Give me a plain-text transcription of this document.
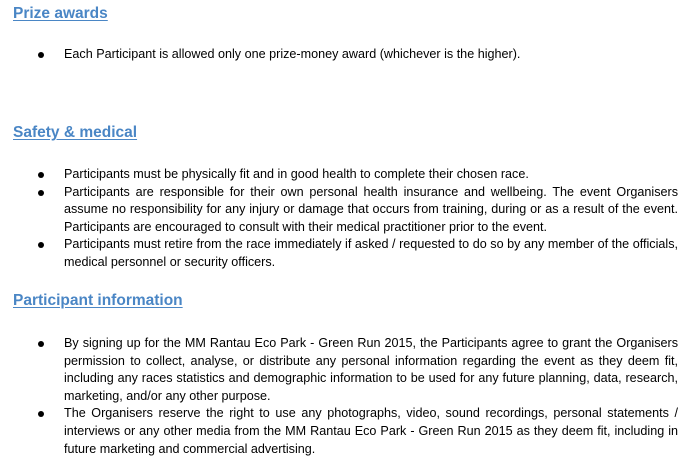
Prize awards
Each Participant is allowed only one prize-money award (whichever is the higher).
Safety & medical
Participants must be physically fit and in good health to complete their chosen race.
Participants are responsible for their own personal health insurance and wellbeing. The event Organisers assume no responsibility for any injury or damage that occurs from training, during or as a result of the event. Participants are encouraged to consult with their medical practitioner prior to the event.
Participants must retire from the race immediately if asked / requested to do so by any member of the officials, medical personnel or security officers.
Participant information
By signing up for the MM Rantau Eco Park - Green Run 2015, the Participants agree to grant the Organisers permission to collect, analyse, or distribute any personal information regarding the event as they deem fit, including any races statistics and demographic information to be used for any future planning, data, research, marketing, and/or any other purpose.
The Organisers reserve the right to use any photographs, video, sound recordings, personal statements / interviews or any other media from the MM Rantau Eco Park - Green Run 2015 as they deem fit, including in future marketing and commercial advertising.
